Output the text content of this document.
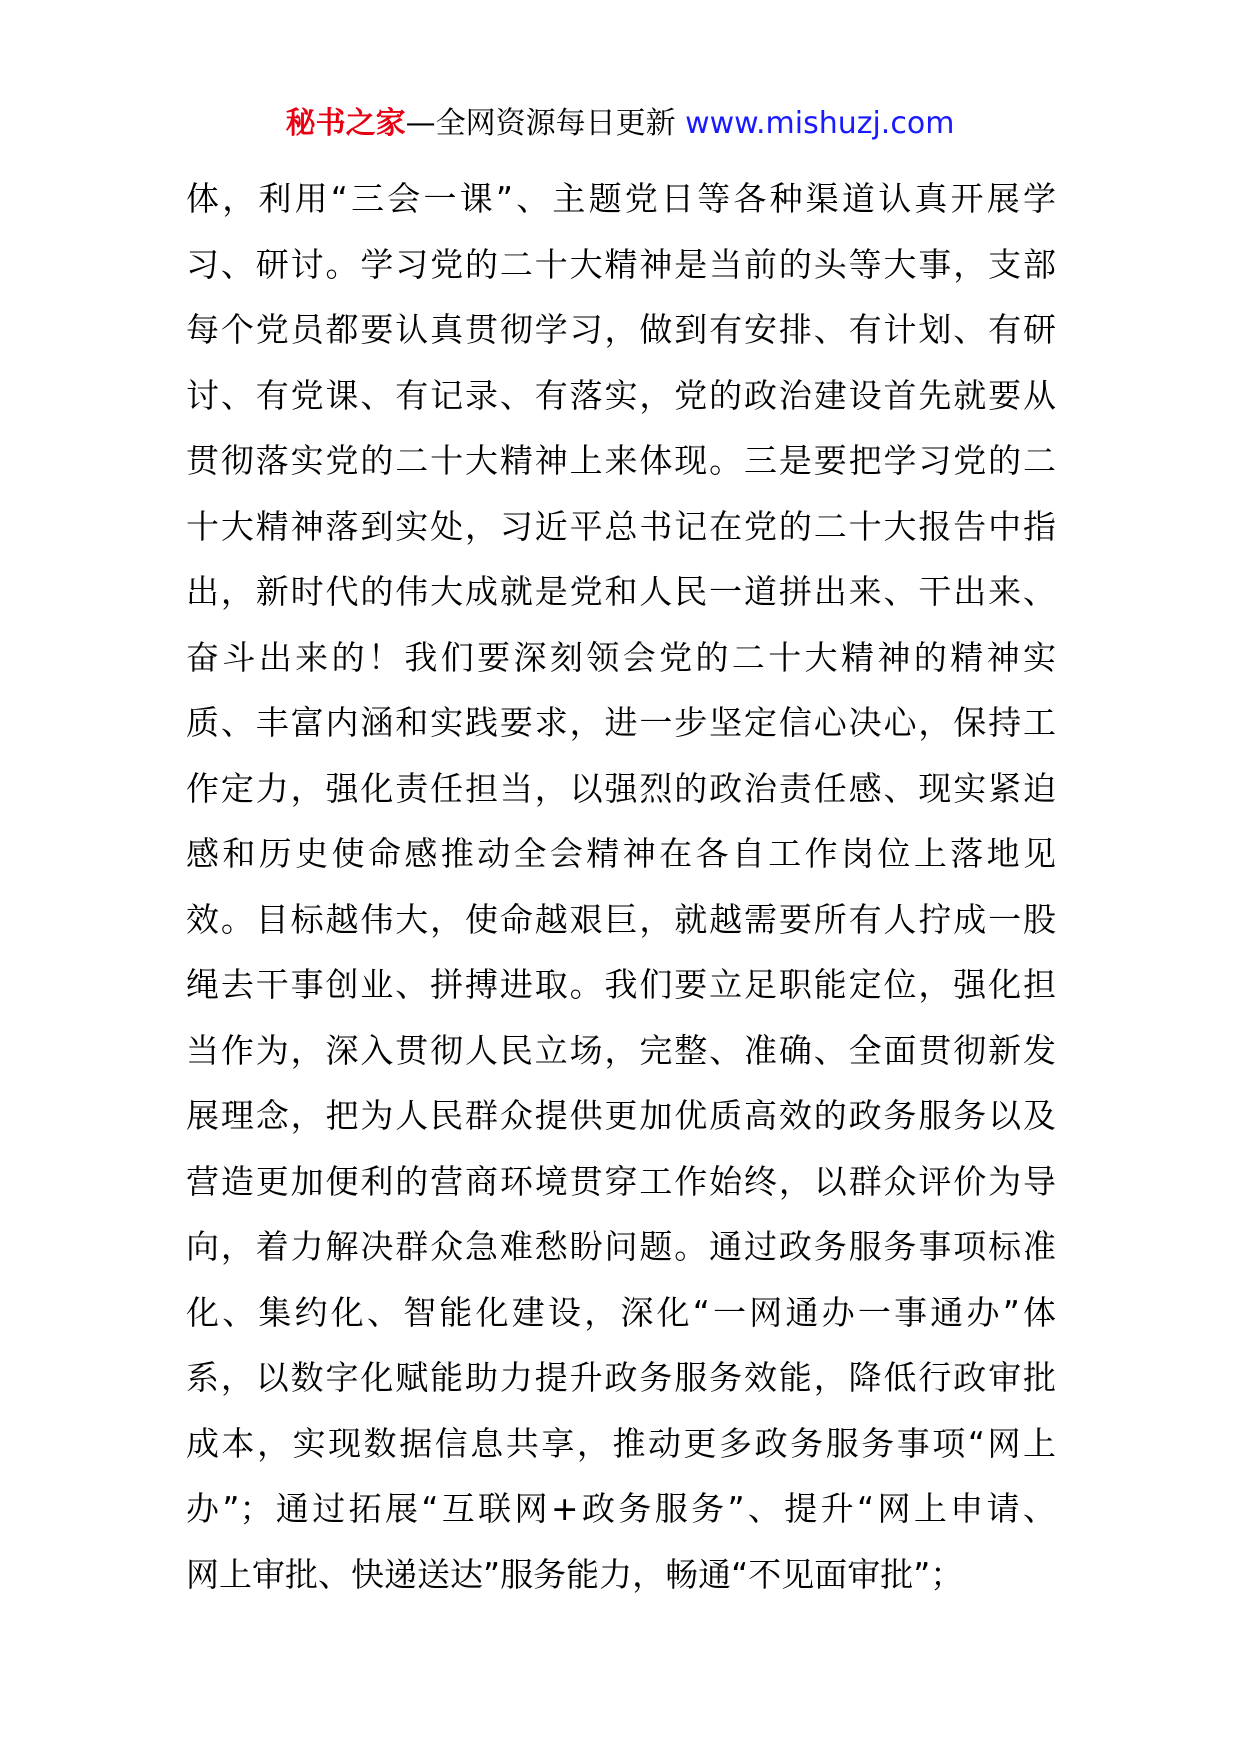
秘书之家—全网资源每日更新 www.mishuzj.com
体，利用“三会一课”、主题党日等各种渠道认真开展学
习、研讨。学习党的二十大精神是当前的头等大事，支部
每个党员都要认真贯彻学习，做到有安排、有计划、有研
讨、有党课、有记录、有落实，党的政治建设首先就要从
贯彻落实党的二十大精神上来体现。三是要把学习党的二
十大精神落到实处，习近平总书记在党的二十大报告中指
出，新时代的伟大成就是党和人民一道拼出来、干出来、
奋斗出来的！我们要深刻领会党的二十大精神的精神实
质、丰富内涵和实践要求，进一步坚定信心决心，保持工
作定力，强化责任担当，以强烈的政治责任感、现实紧迫
感和历史使命感推动全会精神在各自工作岗位上落地见
效。目标越伟大，使命越艰巨，就越需要所有人拧成一股
绳去干事创业、拼搏进取。我们要立足职能定位，强化担
当作为，深入贯彻人民立场，完整、准确、全面贯彻新发
展理念，把为人民群众提供更加优质高效的政务服务以及
营造更加便利的营商环境贯穿工作始终，以群众评价为导
向，着力解决群众急难愁盼问题。通过政务服务事项标准
化、集约化、智能化建设，深化“一网通办一事通办”体
系，以数字化赋能助力提升政务服务效能，降低行政审批
成本，实现数据信息共享，推动更多政务服务事项“网上
办”；通过拓展“互联网+政务服务”、提升“网上申请、
网上审批、快递送达”服务能力，畅通“不见面审批”；
